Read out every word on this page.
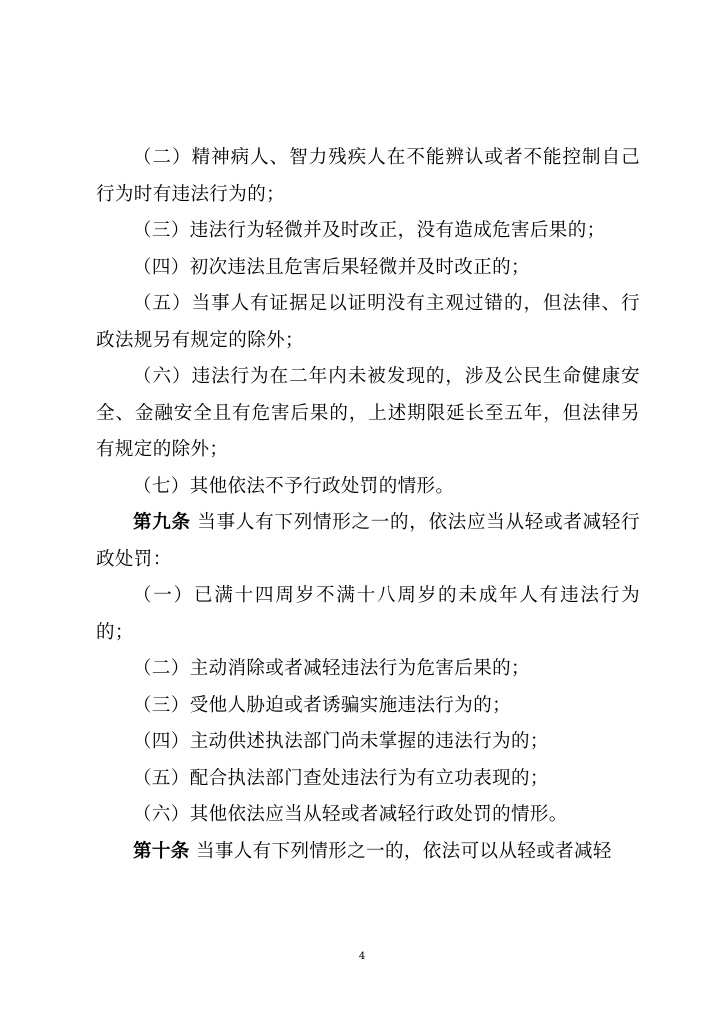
（二）精神病人、智力残疾人在不能辨认或者不能控制自己行为时有违法行为的；

（三）违法行为轻微并及时改正，没有造成危害后果的；

（四）初次违法且危害后果轻微并及时改正的；

（五）当事人有证据足以证明没有主观过错的，但法律、行政法规另有规定的除外；

（六）违法行为在二年内未被发现的，涉及公民生命健康安全、金融安全且有危害后果的，上述期限延长至五年，但法律另有规定的除外；

（七）其他依法不予行政处罚的情形。

第九条 当事人有下列情形之一的，依法应当从轻或者减轻行政处罚：

（一）已满十四周岁不满十八周岁的未成年人有违法行为的；

（二）主动消除或者减轻违法行为危害后果的；

（三）受他人胁迫或者诱骗实施违法行为的；

（四）主动供述执法部门尚未掌握的违法行为的；

（五）配合执法部门查处违法行为有立功表现的；

（六）其他依法应当从轻或者减轻行政处罚的情形。

第十条 当事人有下列情形之一的，依法可以从轻或者减轻

4
